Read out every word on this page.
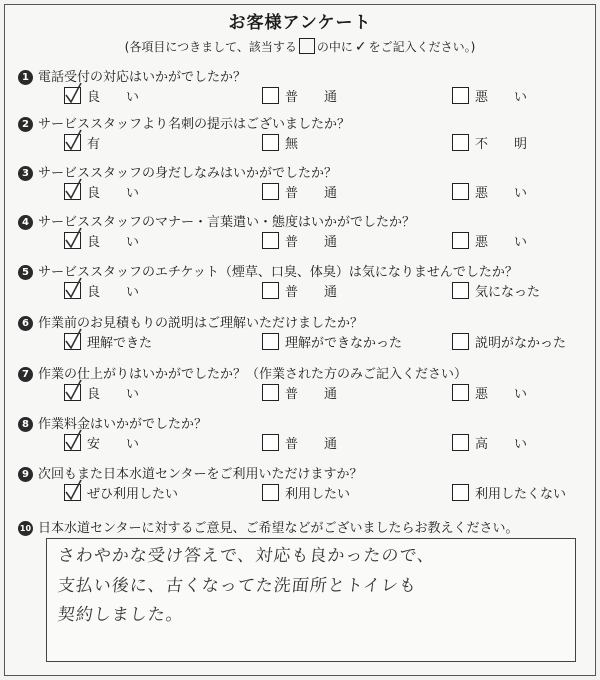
お客様アンケート
(各項目につきまして、該当する の中に ✓ をご記入ください。)
1 電話受付の対応はいかがでしたか？
良　　い	普　　通	悪　　い
2 サービススタッフより名刺の提示はございましたか？
有	無	不　　明
3 サービススタッフの身だしなみはいかがでしたか？
良　　い	普　　通	悪　　い
4 サービススタッフのマナー・言葉遣い・態度はいかがでしたか？
良　　い	普　　通	悪　　い
5 サービススタッフのエチケット（煙草、口臭、体臭）は気になりませんでしたか？
良　　い	普　　通	気になった
6 作業前のお見積もりの説明はご理解いただけましたか？
理解できた	理解ができなかった	説明がなかった
7 作業の仕上がりはいかがでしたか？（作業された方のみご記入ください）
良　　い	普　　通	悪　　い
8 作業料金はいかがでしたか？
安　　い	普　　通	高　　い
9 次回もまた日本水道センターをご利用いただけますか？
ぜひ利用したい	利用したい	利用したくない
10 日本水道センターに対するご意見、ご希望などがございましたらお教えください。
さわやかな受け答えで、対応も良かったので、
支払い後に、古くなってた洗面所とトイレも
契約しました。
